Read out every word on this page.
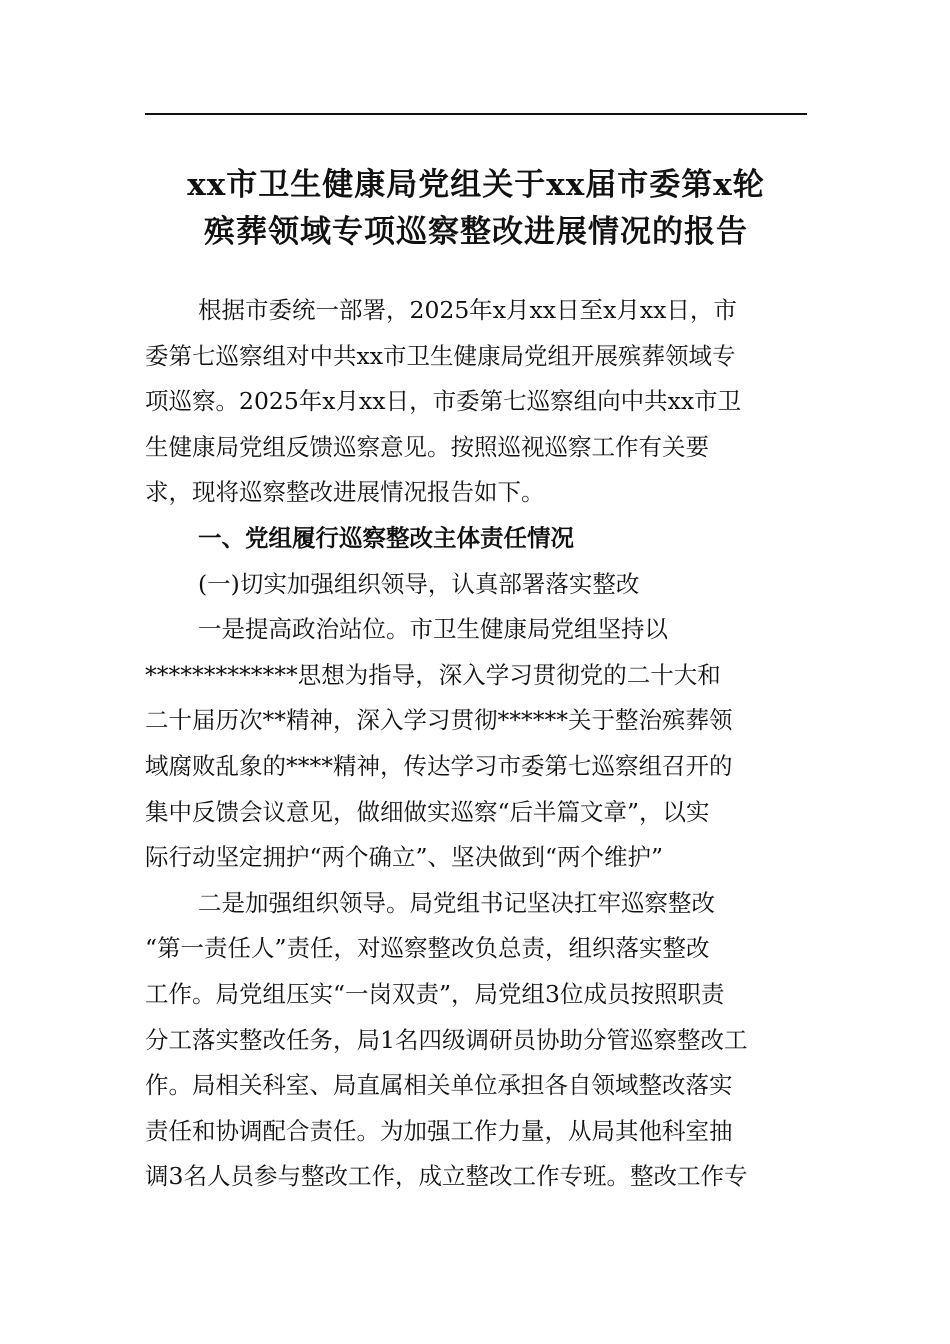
xx市卫生健康局党组关于xx届市委第x轮
殡葬领域专项巡察整改进展情况的报告
根据市委统一部署，2025年x月xx日至x月xx日，市
委第七巡察组对中共xx市卫生健康局党组开展殡葬领域专
项巡察。2025年x月xx日，市委第七巡察组向中共xx市卫
生健康局党组反馈巡察意见。按照巡视巡察工作有关要
求，现将巡察整改进展情况报告如下。
一、党组履行巡察整改主体责任情况
(一)切实加强组织领导，认真部署落实整改
一是提高政治站位。市卫生健康局党组坚持以
*************思想为指导，深入学习贯彻党的二十大和
二十届历次**精神，深入学习贯彻******关于整治殡葬领
域腐败乱象的****精神，传达学习市委第七巡察组召开的
集中反馈会议意见，做细做实巡察“后半篇文章”，以实
际行动坚定拥护“两个确立”、坚决做到“两个维护”
二是加强组织领导。局党组书记坚决扛牢巡察整改
“第一责任人”责任，对巡察整改负总责，组织落实整改
工作。局党组压实“一岗双责”，局党组3位成员按照职责
分工落实整改任务，局1名四级调研员协助分管巡察整改工
作。局相关科室、局直属相关单位承担各自领域整改落实
责任和协调配合责任。为加强工作力量，从局其他科室抽
调3名人员参与整改工作，成立整改工作专班。整改工作专
